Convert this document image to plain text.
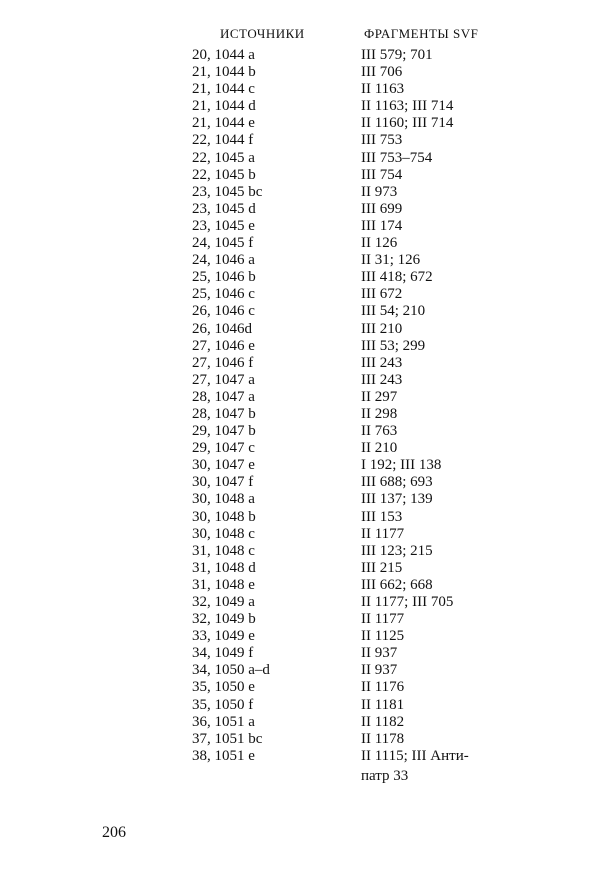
ИСТОЧНИКИ	ФРАГМЕНТЫ SVF
20, 1044 a	III 579; 701
21, 1044 b	III 706
21, 1044 c	II 1163
21, 1044 d	II 1163; III 714
21, 1044 e	II 1160; III 714
22, 1044 f	III 753
22, 1045 a	III 753–754
22, 1045 b	III 754
23, 1045 bc	II 973
23, 1045 d	III 699
23, 1045 e	III 174
24, 1045 f	II 126
24, 1046 a	II 31; 126
25, 1046 b	III 418; 672
25, 1046 c	III 672
26, 1046 c	III 54; 210
26, 1046d	III 210
27, 1046 e	III 53; 299
27, 1046 f	III 243
27, 1047 a	III 243
28, 1047 a	II 297
28, 1047 b	II 298
29, 1047 b	II 763
29, 1047 c	II 210
30, 1047 e	I 192; III 138
30, 1047 f	III 688; 693
30, 1048 a	III 137; 139
30, 1048 b	III 153
30, 1048 c	II 1177
31, 1048 c	III 123; 215
31, 1048 d	III 215
31, 1048 e	III 662; 668
32, 1049 a	II 1177; III 705
32, 1049 b	II 1177
33, 1049 e	II 1125
34, 1049 f	II 937
34, 1050 a–d	II 937
35, 1050 e	II 1176
35, 1050 f	II 1181
36, 1051 a	II 1182
37, 1051 bc	II 1178
38, 1051 e	II 1115; III Анти-
патр 33
206
